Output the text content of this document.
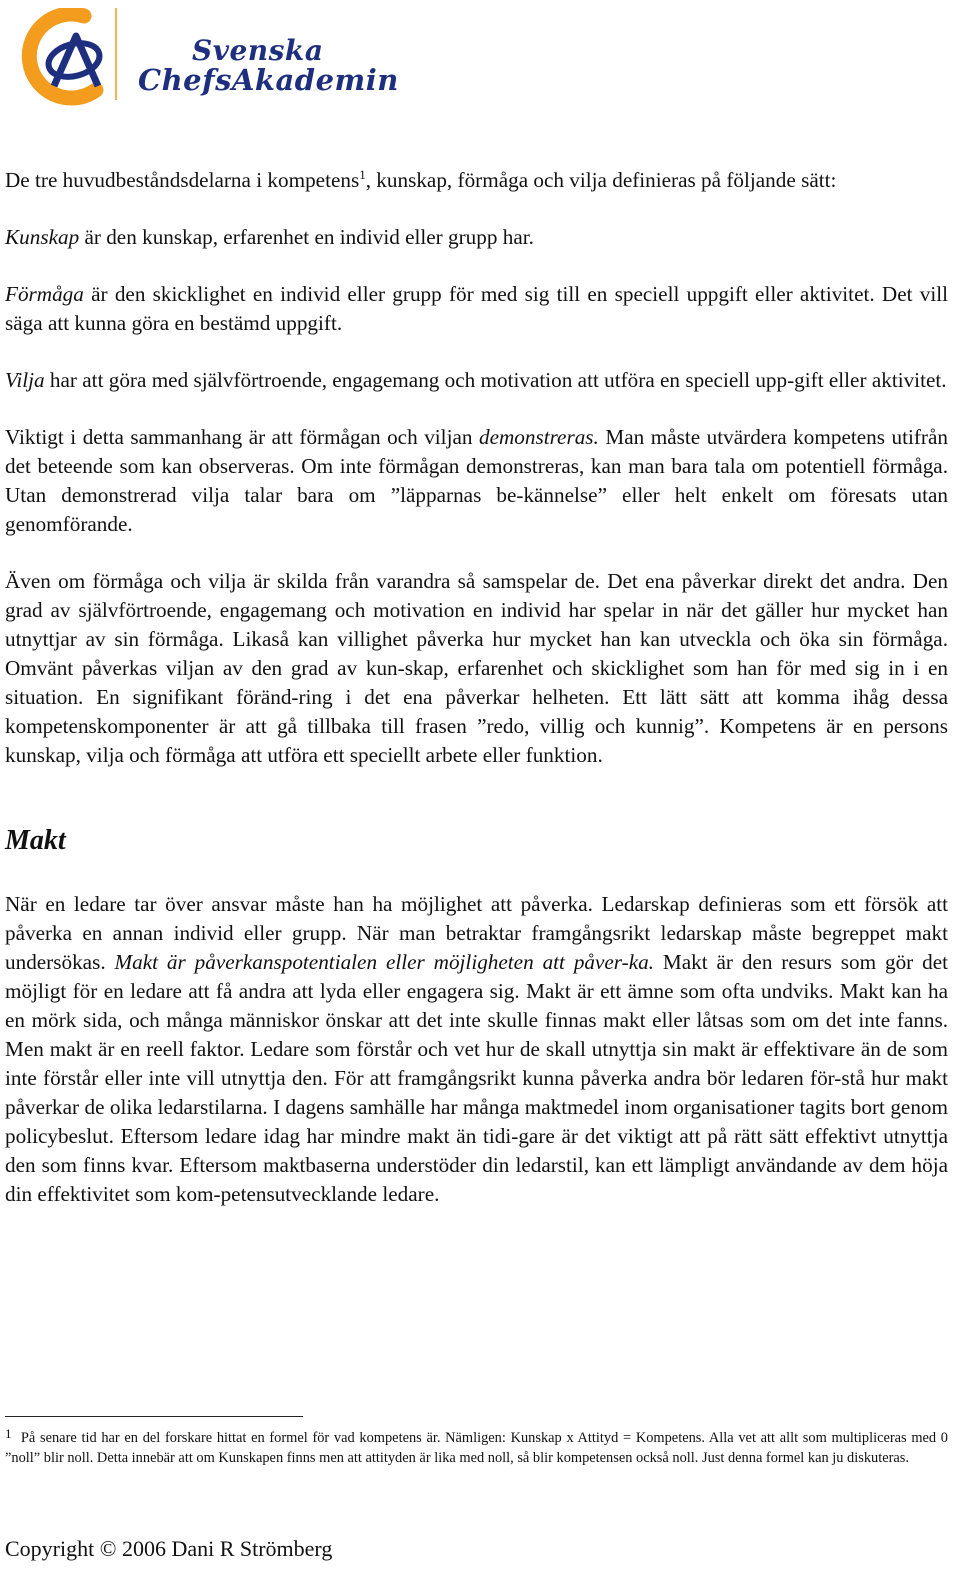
Svenska
ChefsAkademin

De tre huvudbeståndsdelarna i kompetens$^1$, kunskap, förmåga och vilja definieras på följande sätt:

Kunskap är den kunskap, erfarenhet en individ eller grupp har.

Förmåga är den skicklighet en individ eller grupp för med sig till en speciell uppgift eller aktivitet. Det vill säga att kunna göra en bestämd uppgift.

Vilja har att göra med självförtroende, engagemang och motivation att utföra en speciell upp-gift eller aktivitet.

Viktigt i detta sammanhang är att förmågan och viljan demonstreras. Man måste utvärdera kompetens utifrån det beteende som kan observeras. Om inte förmågan demonstreras, kan man bara tala om potentiell förmåga. Utan demonstrerad vilja talar bara om ”läpparnas be-kännelse” eller helt enkelt om föresats utan genomförande.

Även om förmåga och vilja är skilda från varandra så samspelar de. Det ena påverkar direkt det andra. Den grad av självförtroende, engagemang och motivation en individ har spelar in när det gäller hur mycket han utnyttjar av sin förmåga. Likaså kan villighet påverka hur mycket han kan utveckla och öka sin förmåga. Omvänt påverkas viljan av den grad av kun-skap, erfarenhet och skicklighet som han för med sig in i en situation. En signifikant föränd-ring i det ena påverkar helheten. Ett lätt sätt att komma ihåg dessa kompetenskomponenter är att gå tillbaka till frasen ”redo, villig och kunnig”. Kompetens är en persons kunskap, vilja och förmåga att utföra ett speciellt arbete eller funktion.

Makt

När en ledare tar över ansvar måste han ha möjlighet att påverka. Ledarskap definieras som ett försök att påverka en annan individ eller grupp. När man betraktar framgångsrikt ledarskap måste begreppet makt undersökas. Makt är påverkanspotentialen eller möjligheten att påver-ka. Makt är den resurs som gör det möjligt för en ledare att få andra att lyda eller engagera sig. Makt är ett ämne som ofta undviks. Makt kan ha en mörk sida, och många människor önskar att det inte skulle finnas makt eller låtsas som om det inte fanns. Men makt är en reell faktor. Ledare som förstår och vet hur de skall utnyttja sin makt är effektivare än de som inte förstår eller inte vill utnyttja den. För att framgångsrikt kunna påverka andra bör ledaren för-stå hur makt påverkar de olika ledarstilarna. I dagens samhälle har många maktmedel inom organisationer tagits bort genom policybeslut. Eftersom ledare idag har mindre makt än tidi-gare är det viktigt att på rätt sätt effektivt utnyttja den som finns kvar. Eftersom maktbaserna understöder din ledarstil, kan ett lämpligt användande av dem höja din effektivitet som kom-petensutvecklande ledare.

1 På senare tid har en del forskare hittat en formel för vad kompetens är. Nämligen: Kunskap x Attityd = Kompetens. Alla vet att allt som multipliceras med 0 ”noll” blir noll. Detta innebär att om Kunskapen finns men att attityden är lika med noll, så blir kompetensen också noll. Just denna formel kan ju diskuteras.
Copyright © 2006 Dani R Strömberg
